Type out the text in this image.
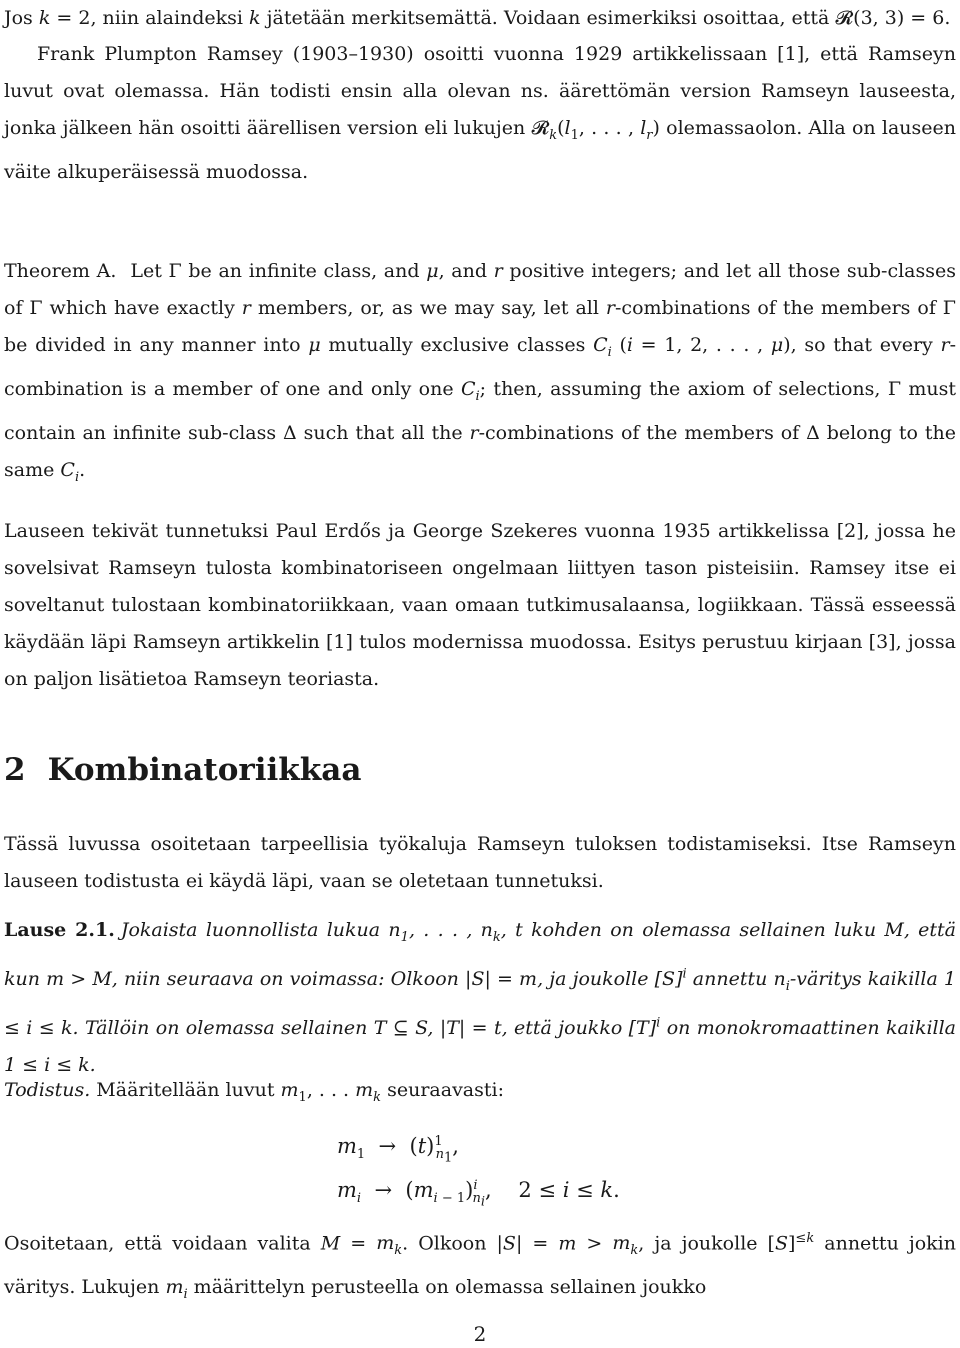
Jos k = 2, niin alaindeksi k jätetään merkitsemättä. Voidaan esimerkiksi osoittaa, että 𝓡(3, 3) = 6.

Frank Plumpton Ramsey (1903–1930) osoitti vuonna 1929 artikkelissaan [1], että Ramseyn luvut ovat olemassa. Hän todisti ensin alla olevan ns. äärettömän version Ramseyn lauseesta, jonka jälkeen hän osoitti äärellisen version eli lukujen $𝓡_k(l_1$, . . . , $l_r$) olemassaolon. Alla on lauseen väite alkuperäisessä muodossa.

Theorem A. Let Γ be an infinite class, and μ, and r positive integers; and let all those sub-classes of Γ which have exactly r members, or, as we may say, let all r-combinations of the members of Γ be divided in any manner into μ mutually exclusive classes $C_i$ (i = 1, 2, . . . , μ), so that every r-combination is a member of one and only one $C_i$; then, assuming the axiom of selections, Γ must contain an infinite sub-class Δ such that all the r-combinations of the members of Δ belong to the same $C_i$.

Lauseen tekivät tunnetuksi Paul Erdős ja George Szekeres vuonna 1935 artikkelissa [2], jossa he sovelsivat Ramseyn tulosta kombinatoriseen ongelmaan liittyen tason pisteisiin. Ramsey itse ei soveltanut tulostaan kombinatoriikkaan, vaan omaan tutkimusalaansa, logiikkaan. Tässä esseessä käydään läpi Ramseyn artikkelin [1] tulos modernissa muodossa. Esitys perustuu kirjaan [3], jossa on paljon lisätietoa Ramseyn teoriasta.

2 Kombinatoriikkaa

Tässä luvussa osoitetaan tarpeellisia työkaluja Ramseyn tuloksen todistamiseksi. Itse Ramseyn lauseen todistusta ei käydä läpi, vaan se oletetaan tunnetuksi.

Lause 2.1. Jokaista luonnollista lukua $n_1$, . . . , $n_k$, t kohden on olemassa sellainen luku M, että kun m > M, niin seuraava on voimassa: Olkoon |S| = m, ja joukolle $[S]^i$ annettu $n_i$-väritys kaikilla 1 ≤ i ≤ k. Tällöin on olemassa sellainen T ⊆ S, |T| = t, että joukko $[T]^i$ on monokromaattinen kaikilla 1 ≤ i ≤ k.

Todistus. Määritellään luvut $m_1$, . . . $m_k$ seuraavasti:

$m_1 \to (t)^1_{n_1}$,
$m_i \to (m_{i - 1})^i_{n_i}$,    2 ≤ i ≤ k.

Osoitetaan, että voidaan valita $M = m_k$. Olkoon $|S| = m > m_k$, ja joukolle $[S]^{\le k}$ annettu jokin väritys. Lukujen $m_i$ määrittelyn perusteella on olemassa sellainen joukko

2
